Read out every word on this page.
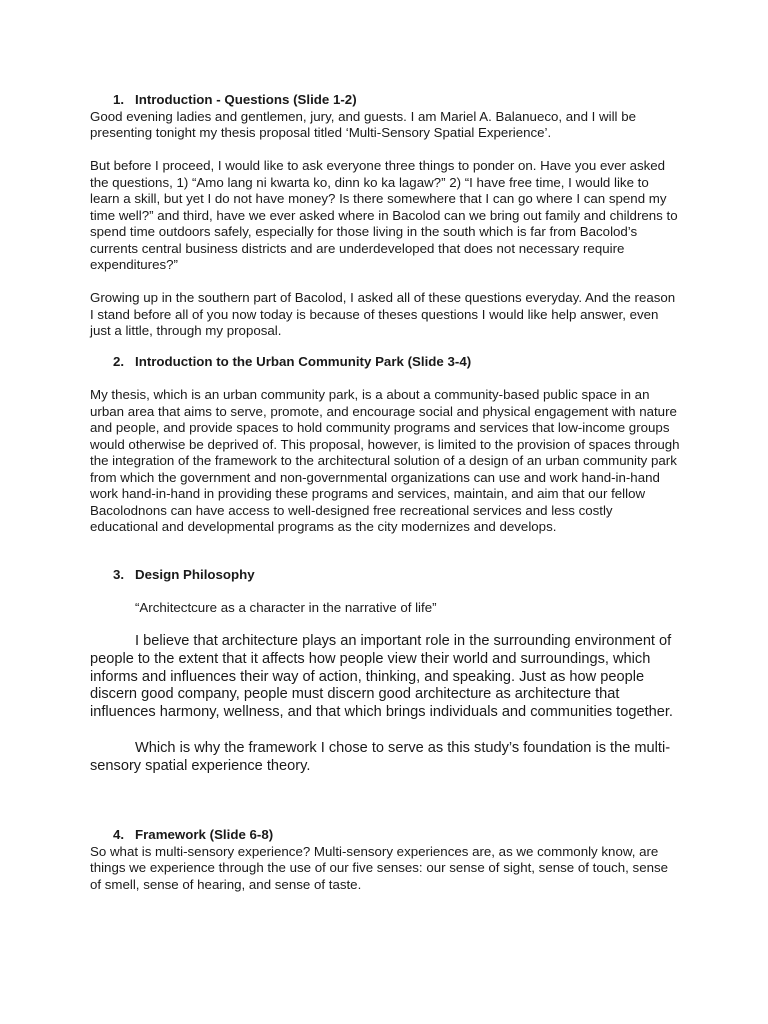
1. Introduction - Questions (Slide 1-2)

Good evening ladies and gentlemen, jury, and guests. I am Mariel A. Balanueco, and I will be presenting tonight my thesis proposal titled ‘Multi-Sensory Spatial Experience’.

But before I proceed, I would like to ask everyone three things to ponder on. Have you ever asked the questions, 1) “Amo lang ni kwarta ko, dinn ko ka lagaw?” 2) “I have free time, I would like to learn a skill, but yet I do not have money? Is there somewhere that I can go where I can spend my time well?” and third, have we ever asked where in Bacolod can we bring out family and childrens to spend time outdoors safely, especially for those living in the south which is far from Bacolod’s currents central business districts and are underdeveloped that does not necessary require expenditures?”

Growing up in the southern part of Bacolod, I asked all of these questions everyday. And the reason I stand before all of you now today is because of theses questions I would like help answer, even just a little, through my proposal.

2. Introduction to the Urban Community Park (Slide 3-4)

My thesis, which is an urban community park, is a about a community-based public space in an urban area that aims to serve, promote, and encourage social and physical engagement with nature and people, and provide spaces to hold community programs and services that low-income groups would otherwise be deprived of. This proposal, however, is limited to the provision of spaces through the integration of the framework to the architectural solution of a design of an urban community park from which the government and non-governmental organizations can use and work hand-in-hand work hand-in-hand in providing these programs and services, maintain, and aim that our fellow Bacolodnons can have access to well-designed free recreational services and less costly educational and developmental programs as the city modernizes and develops.

3. Design Philosophy

“Architectcure as a character in the narrative of life”

I believe that architecture plays an important role in the surrounding environment of people to the extent that it affects how people view their world and surroundings, which informs and influences their way of action, thinking, and speaking. Just as how people discern good company, people must discern good architecture as architecture that influences harmony, wellness, and that which brings individuals and communities together.

Which is why the framework I chose to serve as this study’s foundation is the multi-sensory spatial experience theory.

4. Framework (Slide 6-8)

So what is multi-sensory experience? Multi-sensory experiences are, as we commonly know, are things we experience through the use of our five senses: our sense of sight, sense of touch, sense of smell, sense of hearing, and sense of taste.
